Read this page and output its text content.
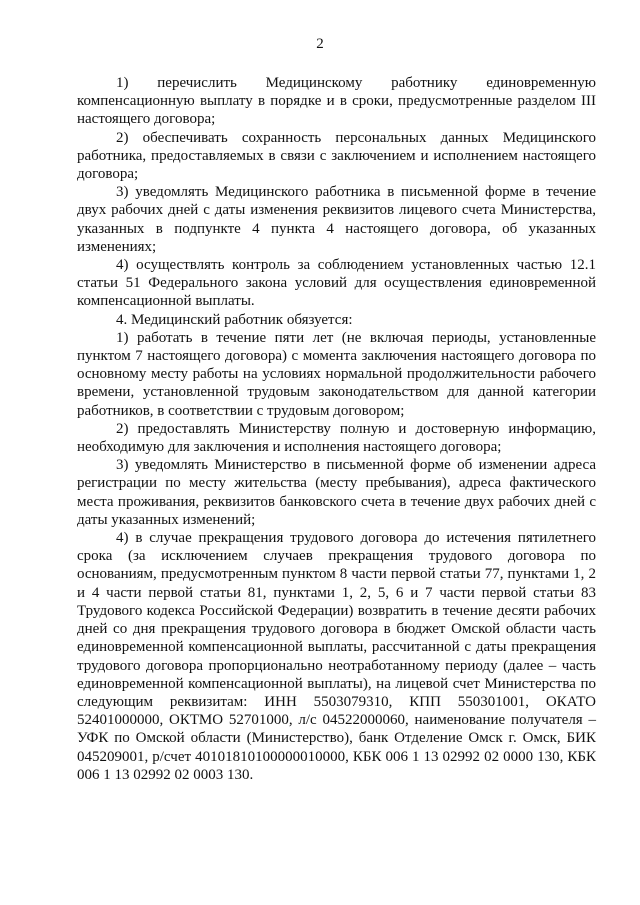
2

1) перечислить Медицинскому работнику единовременную компенсационную выплату в порядке и в сроки, предусмотренные разделом III настоящего договора;

2) обеспечивать сохранность персональных данных Медицинского работника, предоставляемых в связи с заключением и исполнением настоящего договора;

3) уведомлять Медицинского работника в письменной форме в течение двух рабочих дней с даты изменения реквизитов лицевого счета Министерства, указанных в подпункте 4 пункта 4 настоящего договора, об указанных изменениях;

4) осуществлять контроль за соблюдением установленных частью 12.1 статьи 51 Федерального закона условий для осуществления единовременной компенсационной выплаты.

4. Медицинский работник обязуется:

1) работать в течение пяти лет (не включая периоды, установленные пунктом 7 настоящего договора) с момента заключения настоящего договора по основному месту работы на условиях нормальной продолжительности рабочего времени, установленной трудовым законодательством для данной категории работников, в соответствии с трудовым договором;

2) предоставлять Министерству полную и достоверную информацию, необходимую для заключения и исполнения настоящего договора;

3) уведомлять Министерство в письменной форме об изменении адреса регистрации по месту жительства (месту пребывания), адреса фактического места проживания, реквизитов банковского счета в течение двух рабочих дней с даты указанных изменений;

4) в случае прекращения трудового договора до истечения пятилетнего срока (за исключением случаев прекращения трудового договора по основаниям, предусмотренным пунктом 8 части первой статьи 77, пунктами 1, 2 и 4 части первой статьи 81, пунктами 1, 2, 5, 6 и 7 части первой статьи 83 Трудового кодекса Российской Федерации) возвратить в течение десяти рабочих дней со дня прекращения трудового договора в бюджет Омской области часть единовременной компенсационной выплаты, рассчитанной с даты прекращения трудового договора пропорционально неотработанному периоду (далее – часть единовременной компенсационной выплаты), на лицевой счет Министерства по следующим реквизитам: ИНН 5503079310, КПП 550301001, ОКАТО 52401000000, ОКТМО 52701000, л/с 04522000060, наименование получателя – УФК по Омской области (Министерство), банк Отделение Омск г. Омск, БИК 045209001, р/счет 40101810100000010000, КБК 006 1 13 02992 02 0000 130, КБК 006 1 13 02992 02 0003 130.
